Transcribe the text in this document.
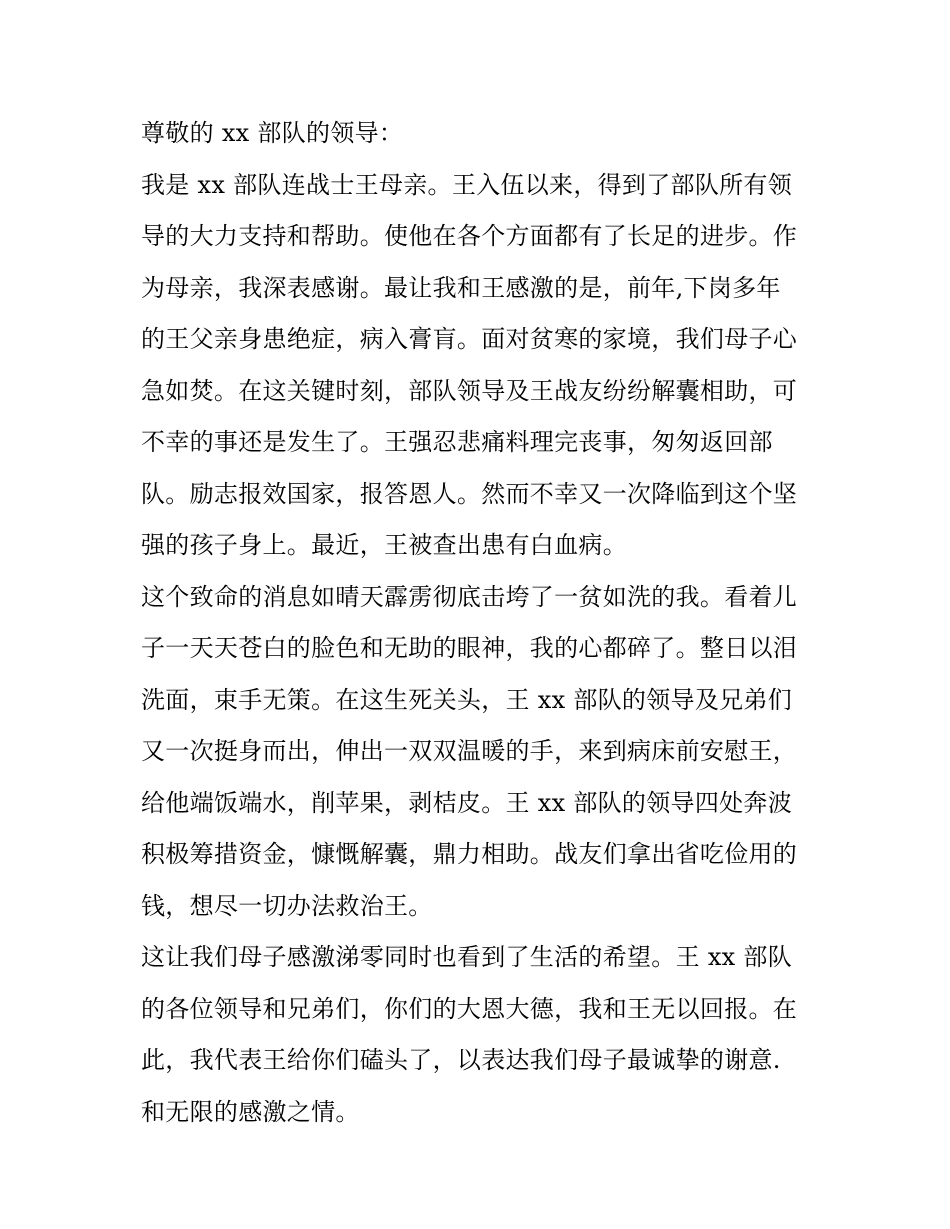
尊敬的 xx 部队的领导：
我是 xx 部队连战士王母亲。王入伍以来，得到了部队所有领
导的大力支持和帮助。使他在各个方面都有了长足的进步。作
为母亲，我深表感谢。最让我和王感激的是，前年,下岗多年
的王父亲身患绝症，病入膏肓。面对贫寒的家境，我们母子心
急如焚。在这关键时刻，部队领导及王战友纷纷解囊相助，可
不幸的事还是发生了。王强忍悲痛料理完丧事，匆匆返回部
队。励志报效国家，报答恩人。然而不幸又一次降临到这个坚
强的孩子身上。最近，王被查出患有白血病。
这个致命的消息如晴天霹雳彻底击垮了一贫如洗的我。看着儿
子一天天苍白的脸色和无助的眼神，我的心都碎了。整日以泪
洗面，束手无策。在这生死关头，王 xx 部队的领导及兄弟们
又一次挺身而出，伸出一双双温暖的手，来到病床前安慰王，
给他端饭端水，削苹果，剥桔皮。王 xx 部队的领导四处奔波
积极筹措资金，慷慨解囊，鼎力相助。战友们拿出省吃俭用的
钱，想尽一切办法救治王。
这让我们母子感激涕零同时也看到了生活的希望。王 xx 部队
的各位领导和兄弟们，你们的大恩大德，我和王无以回报。在
此，我代表王给你们磕头了，以表达我们母子最诚挚的谢意.
和无限的感激之情。
